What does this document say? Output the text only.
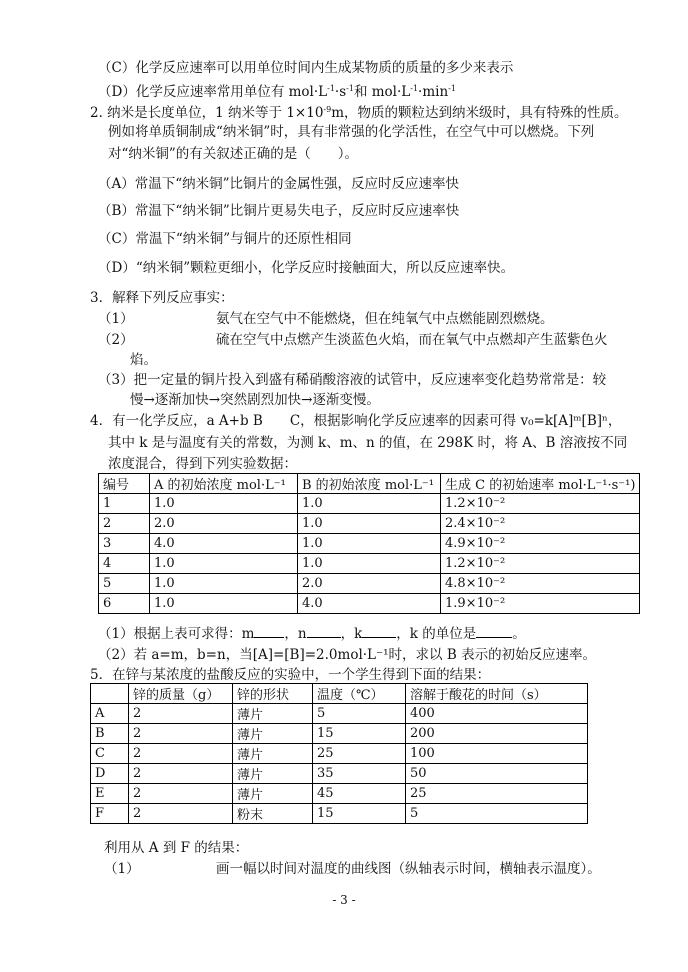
（C）化学反应速率可以用单位时间内生成某物质的质量的多少来表示
（D）化学反应速率常用单位有 $mol\cdot L^{-1}\cdot s^{-1}$和 $mol\cdot L^{-1}\cdot\min^{-1}$
2. 纳米是长度单位，1 纳米等于 $1\times 10^{-9}m$，物质的颗粒达到纳米级时，具有特殊的性质。
例如将单质铜制成“纳米铜”时，具有非常强的化学活性，在空气中可以燃烧。下列
对“纳米铜”的有关叙述正确的是（　　）。
（A）常温下“纳米铜”比铜片的金属性强，反应时反应速率快
（B）常温下“纳米铜”比铜片更易失电子，反应时反应速率快
（C）常温下“纳米铜”与铜片的还原性相同
（D）“纳米铜”颗粒更细小，化学反应时接触面大，所以反应速率快。
3．解释下列反应事实：
（1）	氨气在空气中不能燃烧，但在纯氧气中点燃能剧烈燃烧。
（2）	硫在空气中点燃产生淡蓝色火焰，而在氧气中点燃却产生蓝紫色火
焰。
（3）把一定量的铜片投入到盛有稀硝酸溶液的试管中，反应速率变化趋势常常是：较
慢→逐渐加快→突然剧烈加快→逐渐变慢。
4．有一化学反应，a A+b B　　C，根据影响化学反应速率的因素可得 v₀=k[A]ᵐ[B]ⁿ，
其中 k 是与温度有关的常数，为测 k、m、n 的值，在 298K 时，将 A、B 溶液按不同
浓度混合，得到下列实验数据：
编号	A 的初始浓度 mol·L⁻¹	B 的初始浓度 mol·L⁻¹	生成 C 的初始速率 mol·L⁻¹·s⁻¹)
1	1.0	1.0	1.2×10⁻²
2	2.0	1.0	2.4×10⁻²
3	4.0	1.0	4.9×10⁻²
4	1.0	1.0	1.2×10⁻²
5	1.0	2.0	4.8×10⁻²
6	1.0	4.0	1.9×10⁻²
（1）根据上表可求得：m ，n	，k	，k 的单位是	。
（2）若 a=m，b=n，当[A]=[B]=2.0mol·L⁻¹时，求以 B 表示的初始反应速率。
5．在锌与某浓度的盐酸反应的实验中，一个学生得到下面的结果：
	锌的质量（g）	锌的形状	温度（℃）	溶解于酸花的时间（s）
A	2	薄片	5	400
B	2	薄片	15	200
C	2	薄片	25	100
D	2	薄片	35	50
E	2	薄片	45	25
F	2	粉末	15	5
利用从 A 到 F 的结果：
（1）	画一幅以时间对温度的曲线图（纵轴表示时间，横轴表示温度）。
- 3 -
